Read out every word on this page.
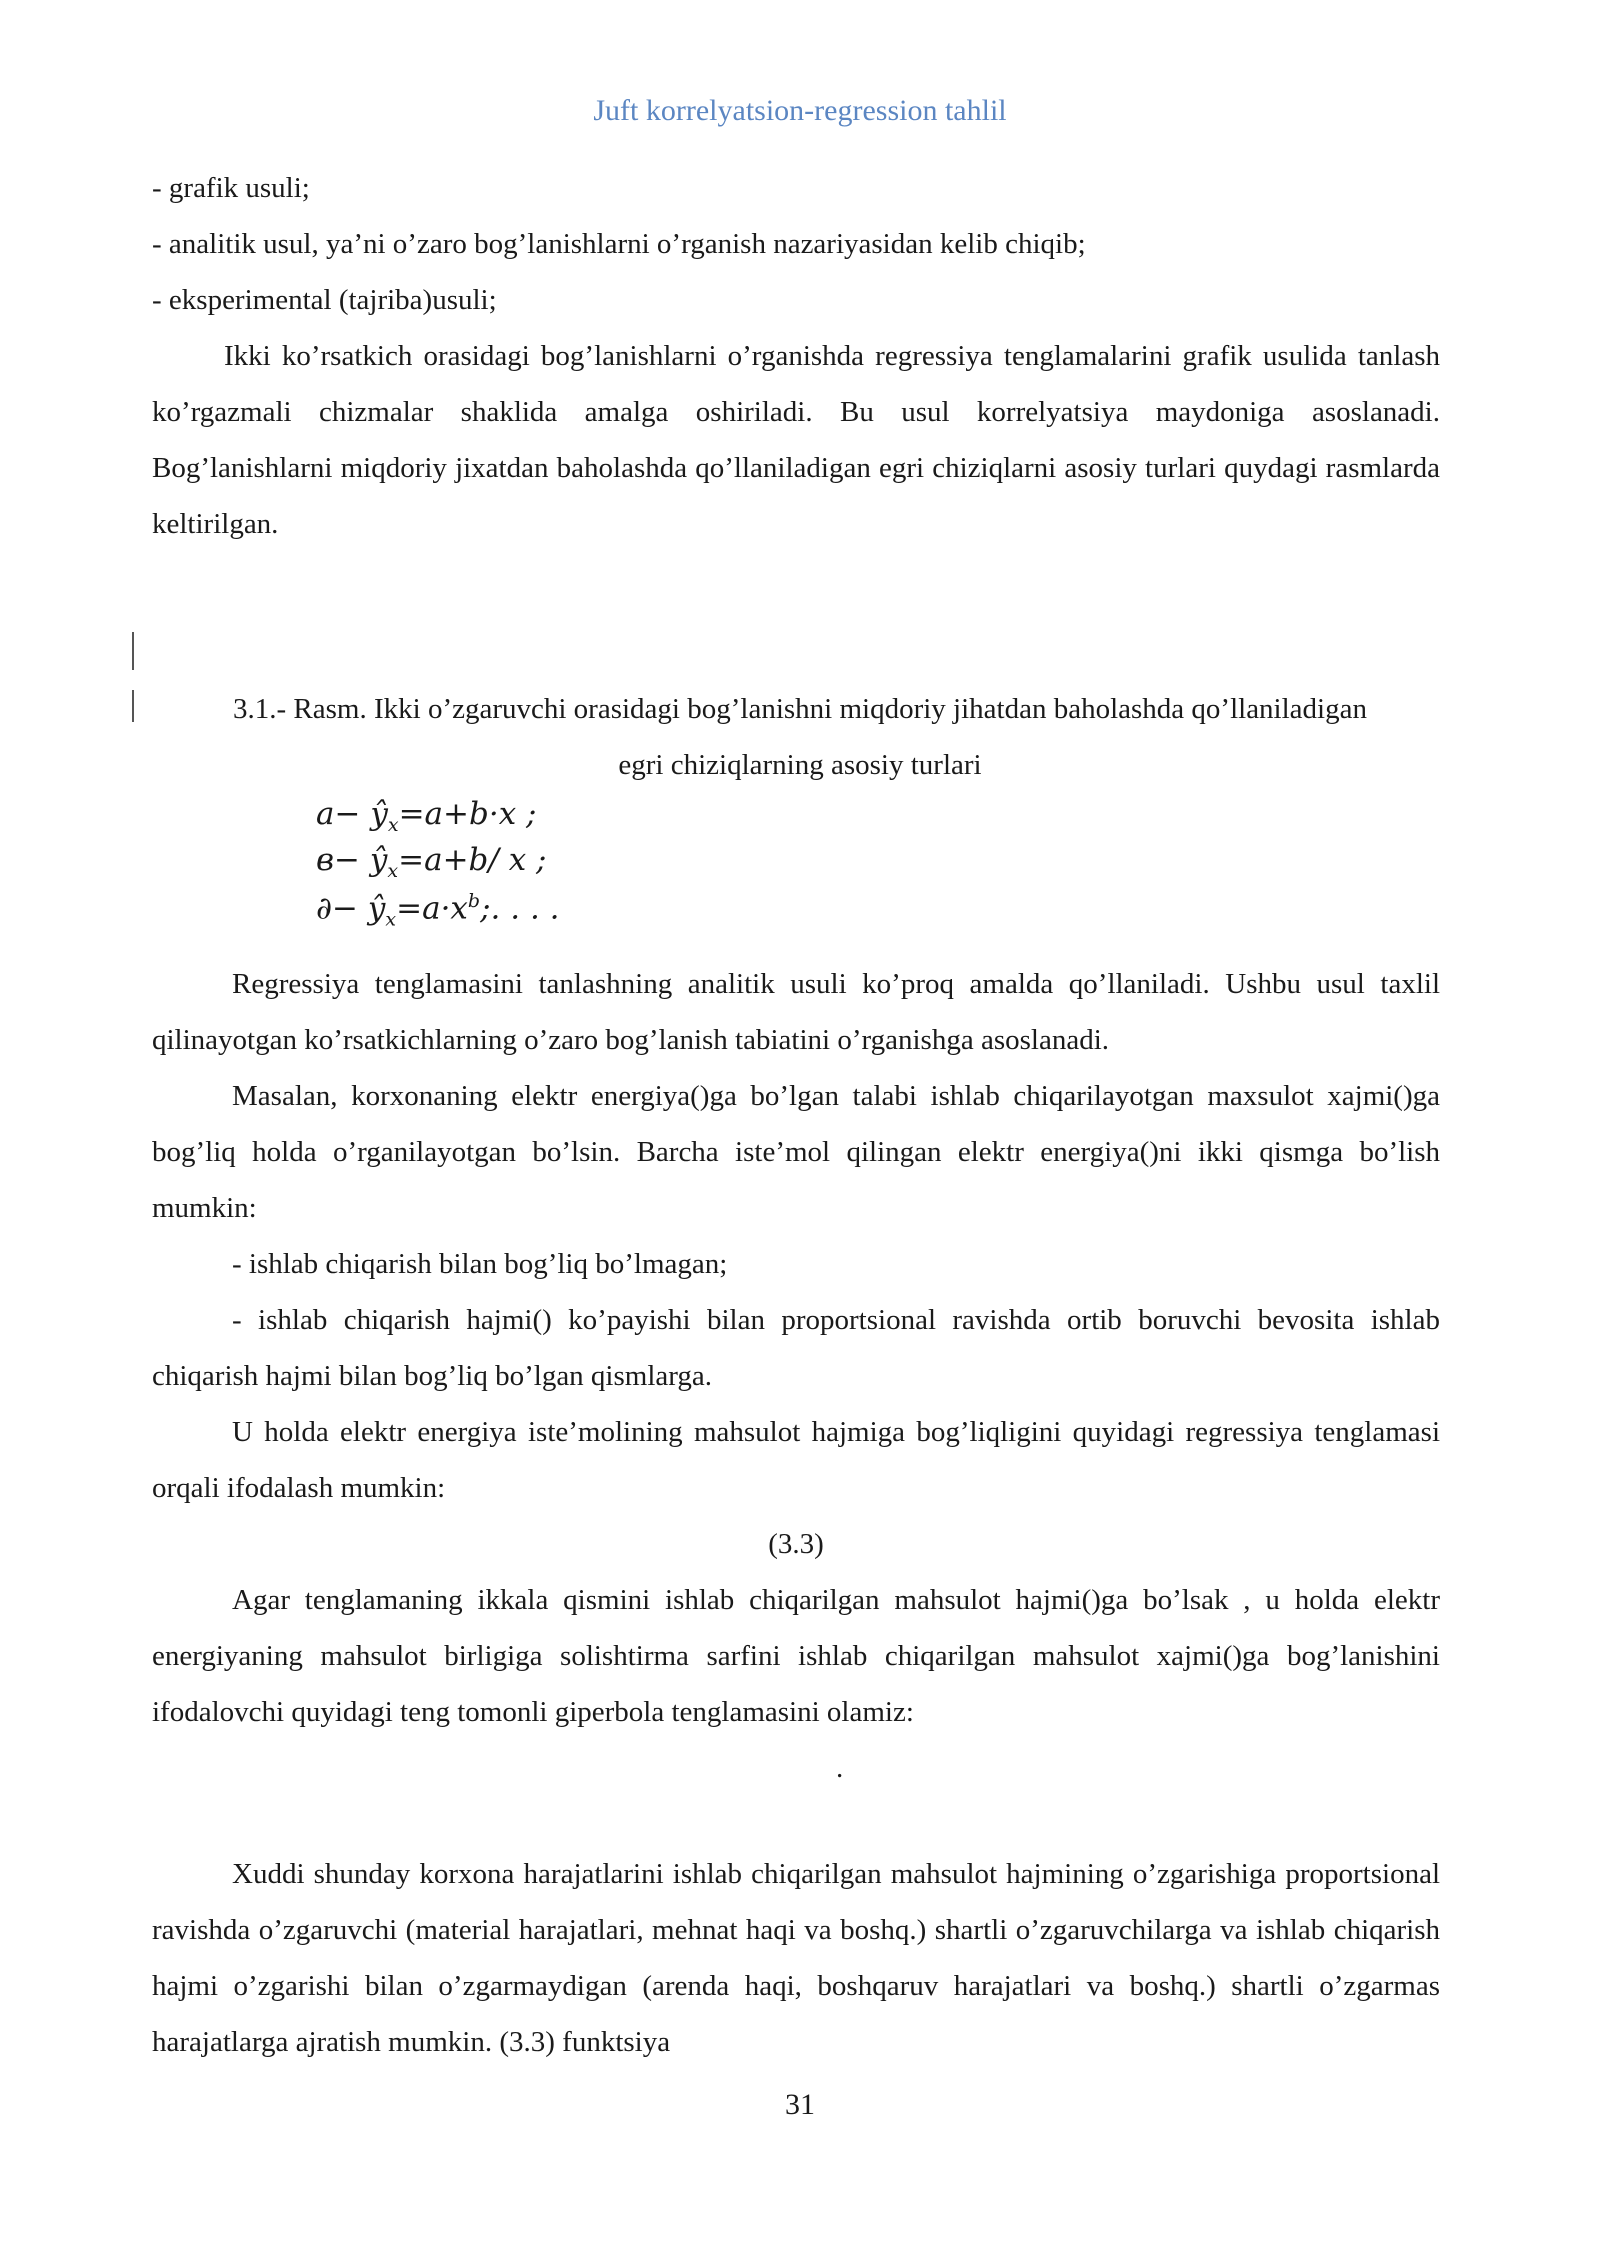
Juft korrelyatsion-regression tahlil

- grafik usuli;

- analitik usul, ya’ni o’zaro bog’lanishlarni o’rganish nazariyasidan kelib chiqib;

- eksperimental (tajriba)usuli;

Ikki ko’rsatkich orasidagi bog’lanishlarni o’rganishda regressiya tenglamalarini grafik usulida tanlash ko’rgazmali chizmalar shaklida amalga oshiriladi. Bu usul korrelyatsiya maydoniga asoslanadi. Bog’lanishlarni miqdoriy jixatdan baholashda qo’llaniladigan egri chiziqlarni asosiy turlari quydagi rasmlarda keltirilgan.

3.1.- Rasm. Ikki o’zgaruvchi orasidagi bog’lanishni miqdoriy jihatdan baholashda qo’llaniladigan

egri chiziqlarning asosiy turlari

$a- ŷ_x=a+b\cdot x$ ;
$в- ŷ_x=a+b/$ x ;
∂− $ŷ_x=a\cdot x^b$;. . . .

Regressiya tenglamasini tanlashning analitik usuli ko’proq amalda qo’llaniladi. Ushbu usul taxlil qilinayotgan ko’rsatkichlarning o’zaro bog’lanish tabiatini o’rganishga asoslanadi.

Masalan, korxonaning elektr energiya()ga bo’lgan talabi ishlab chiqarilayotgan maxsulot xajmi()ga bog’liq holda o’rganilayotgan bo’lsin. Barcha iste’mol qilingan elektr energiya()ni ikki qismga bo’lish mumkin:

- ishlab chiqarish bilan bog’liq bo’lmagan;

- ishlab chiqarish hajmi() ko’payishi bilan proportsional ravishda ortib boruvchi bevosita ishlab chiqarish hajmi bilan bog’liq bo’lgan qismlarga.

U holda elektr energiya iste’molining mahsulot hajmiga bog’liqligini quyidagi regressiya tenglamasi orqali ifodalash mumkin:

(3.3)

Agar tenglamaning ikkala qismini ishlab chiqarilgan mahsulot hajmi()ga bo’lsak , u holda elektr energiyaning mahsulot birligiga solishtirma sarfini ishlab chiqarilgan mahsulot xajmi()ga bog’lanishini ifodalovchi quyidagi teng tomonli giperbola tenglamasini olamiz:

.

Xuddi shunday korxona harajatlarini ishlab chiqarilgan mahsulot hajmining o’zgarishiga proportsional ravishda o’zgaruvchi (material harajatlari, mehnat haqi va boshq.) shartli o’zgaruvchilarga va ishlab chiqarish hajmi o’zgarishi bilan o’zgarmaydigan (arenda haqi, boshqaruv harajatlari va boshq.) shartli o’zgarmas harajatlarga ajratish mumkin. (3.3) funktsiya

31
